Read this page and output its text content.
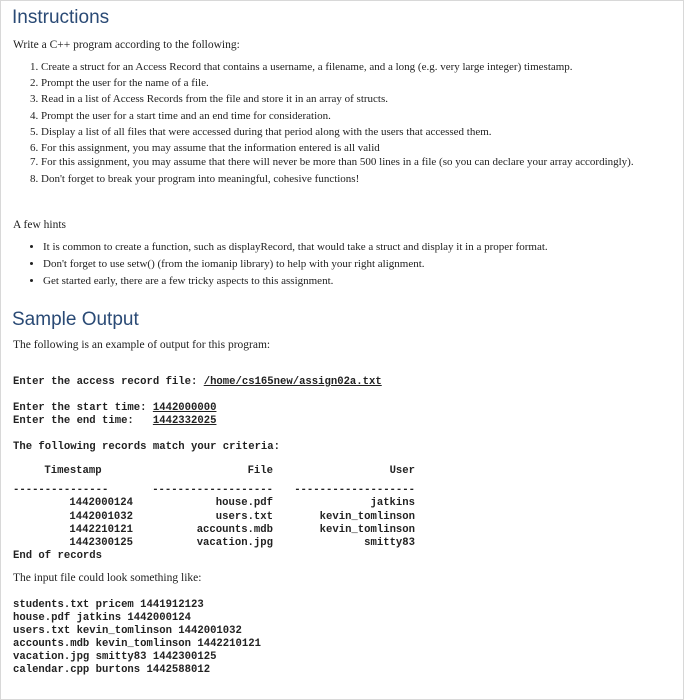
Instructions
Write a C++ program according to the following:
1. Create a struct for an Access Record that contains a username, a filename, and a long (e.g. very large integer) timestamp.
2. Prompt the user for the name of a file.
3. Read in a list of Access Records from the file and store it in an array of structs.
4. Prompt the user for a start time and an end time for consideration.
5. Display a list of all files that were accessed during that period along with the users that accessed them.
6. For this assignment, you may assume that the information entered is all valid
7. For this assignment, you may assume that there will never be more than 500 lines in a file (so you can declare your array accordingly).
8. Don't forget to break your program into meaningful, cohesive functions!
A few hints
• It is common to create a function, such as displayRecord, that would take a struct and display it in a proper format.
• Don't forget to use setw() (from the iomanip library) to help with your right alignment.
• Get started early, there are a few tricky aspects to this assignment.
Sample Output
The following is an example of output for this program:
Enter the access record file: /home/cs165new/assign02a.txt
Enter the start time: 1442000000
Enter the end time:   1442332025
The following records match your criteria:
Timestamp	File	User

---------------	-------------------	-------------------
1442000124	house.pdf	jatkins
1442001032	users.txt	kevin_tomlinson
1442210121	accounts.mdb	kevin_tomlinson
1442300125	vacation.jpg	smitty83
End of records		
The input file could look something like:
students.txt pricem 1441912123
house.pdf jatkins 1442000124
users.txt kevin_tomlinson 1442001032
accounts.mdb kevin_tomlinson 1442210121
vacation.jpg smitty83 1442300125
calendar.cpp burtons 1442588012
